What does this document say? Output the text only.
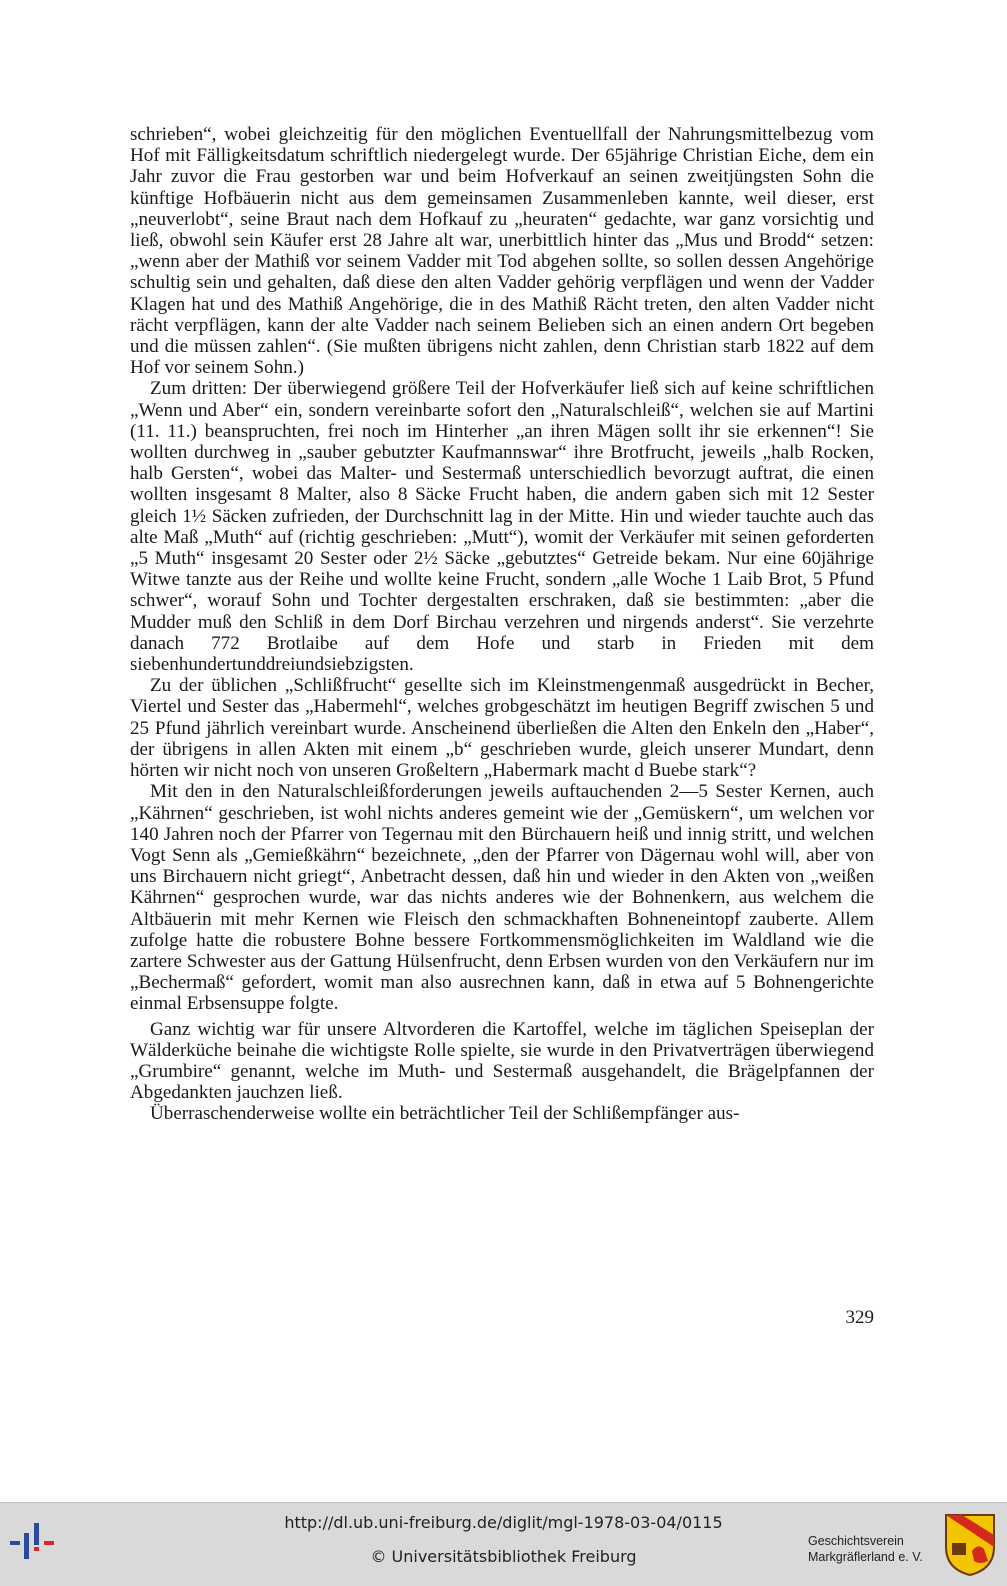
schrieben“, wobei gleichzeitig für den möglichen Eventuellfall der Nahrungsmittelbezug vom Hof mit Fälligkeitsdatum schriftlich niedergelegt wurde. Der 65jährige Christian Eiche, dem ein Jahr zuvor die Frau gestorben war und beim Hofverkauf an seinen zweitjüngsten Sohn die künftige Hofbäuerin nicht aus dem gemeinsamen Zusammenleben kannte, weil dieser, erst „neuverlobt“, seine Braut nach dem Hofkauf zu „heuraten“ gedachte, war ganz vorsichtig und ließ, obwohl sein Käufer erst 28 Jahre alt war, unerbittlich hinter das „Mus und Brodd“ setzen: „wenn aber der Mathiß vor seinem Vadder mit Tod abgehen sollte, so sollen dessen Angehörige schultig sein und gehalten, daß diese den alten Vadder gehörig verpflägen und wenn der Vadder Klagen hat und des Mathiß Angehörige, die in des Mathiß Rächt treten, den alten Vadder nicht rächt verpflägen, kann der alte Vadder nach seinem Belieben sich an einen andern Ort begeben und die müssen zahlen“. (Sie mußten übrigens nicht zahlen, denn Christian starb 1822 auf dem Hof vor seinem Sohn.)

Zum dritten: Der überwiegend größere Teil der Hofverkäufer ließ sich auf keine schriftlichen „Wenn und Aber“ ein, sondern vereinbarte sofort den „Naturalschleiß“, welchen sie auf Martini (11. 11.) beanspruchten, frei noch im Hinterher „an ihren Mägen sollt ihr sie erkennen“! Sie wollten durchweg in „sauber gebutzter Kaufmannswar“ ihre Brotfrucht, jeweils „halb Rocken, halb Gersten“, wobei das Malter- und Sestermaß unterschiedlich bevorzugt auftrat, die einen wollten insgesamt 8 Malter, also 8 Säcke Frucht haben, die andern gaben sich mit 12 Sester gleich 1½ Säcken zufrieden, der Durchschnitt lag in der Mitte. Hin und wieder tauchte auch das alte Maß „Muth“ auf (richtig geschrieben: „Mutt“), womit der Verkäufer mit seinen geforderten „5 Muth“ insgesamt 20 Sester oder 2½ Säcke „gebutztes“ Getreide bekam. Nur eine 60jährige Witwe tanzte aus der Reihe und wollte keine Frucht, sondern „alle Woche 1 Laib Brot, 5 Pfund schwer“, worauf Sohn und Tochter dergestalten erschraken, daß sie bestimmten: „aber die Mudder muß den Schliß in dem Dorf Birchau verzehren und nirgends anderst“. Sie verzehrte danach 772 Brotlaibe auf dem Hofe und starb in Frieden mit dem siebenhundertunddreiundsiebzigsten.

Zu der üblichen „Schlißfrucht“ gesellte sich im Kleinstmengenmaß ausgedrückt in Becher, Viertel und Sester das „Habermehl“, welches grobgeschätzt im heutigen Begriff zwischen 5 und 25 Pfund jährlich vereinbart wurde. Anscheinend überließen die Alten den Enkeln den „Haber“, der übrigens in allen Akten mit einem „b“ geschrieben wurde, gleich unserer Mundart, denn hörten wir nicht noch von unseren Großeltern „Habermark macht d Buebe stark“?

Mit den in den Naturalschleißforderungen jeweils auftauchenden 2—5 Sester Kernen, auch „Kährnen“ geschrieben, ist wohl nichts anderes gemeint wie der „Gemüskern“, um welchen vor 140 Jahren noch der Pfarrer von Tegernau mit den Bürchauern heiß und innig stritt, und welchen Vogt Senn als „Gemießkährn“ bezeichnete, „den der Pfarrer von Dägernau wohl will, aber von uns Birchauern nicht griegt“, Anbetracht dessen, daß hin und wieder in den Akten von „weißen Kährnen“ gesprochen wurde, war das nichts anderes wie der Bohnenkern, aus welchem die Altbäuerin mit mehr Kernen wie Fleisch den schmackhaften Bohneneintopf zauberte. Allem zufolge hatte die robustere Bohne bessere Fortkommensmöglichkeiten im Waldland wie die zartere Schwester aus der Gattung Hülsenfrucht, denn Erbsen wurden von den Verkäufern nur im „Bechermaß“ gefordert, womit man also ausrechnen kann, daß in etwa auf 5 Bohnengerichte einmal Erbsensuppe folgte.

Ganz wichtig war für unsere Altvorderen die Kartoffel, welche im täglichen Speiseplan der Wälderküche beinahe die wichtigste Rolle spielte, sie wurde in den Privatverträgen überwiegend „Grumbire“ genannt, welche im Muth- und Sestermaß ausgehandelt, die Brägelpfannen der Abgedankten jauchzen ließ.

Überraschenderweise wollte ein beträchtlicher Teil der Schlißempfänger aus-

329
http://dl.ub.uni-freiburg.de/diglit/mgl-1978-03-04/0115
© Universitätsbibliothek Freiburg
Geschichtsverein
Markgräflerland e. V.
